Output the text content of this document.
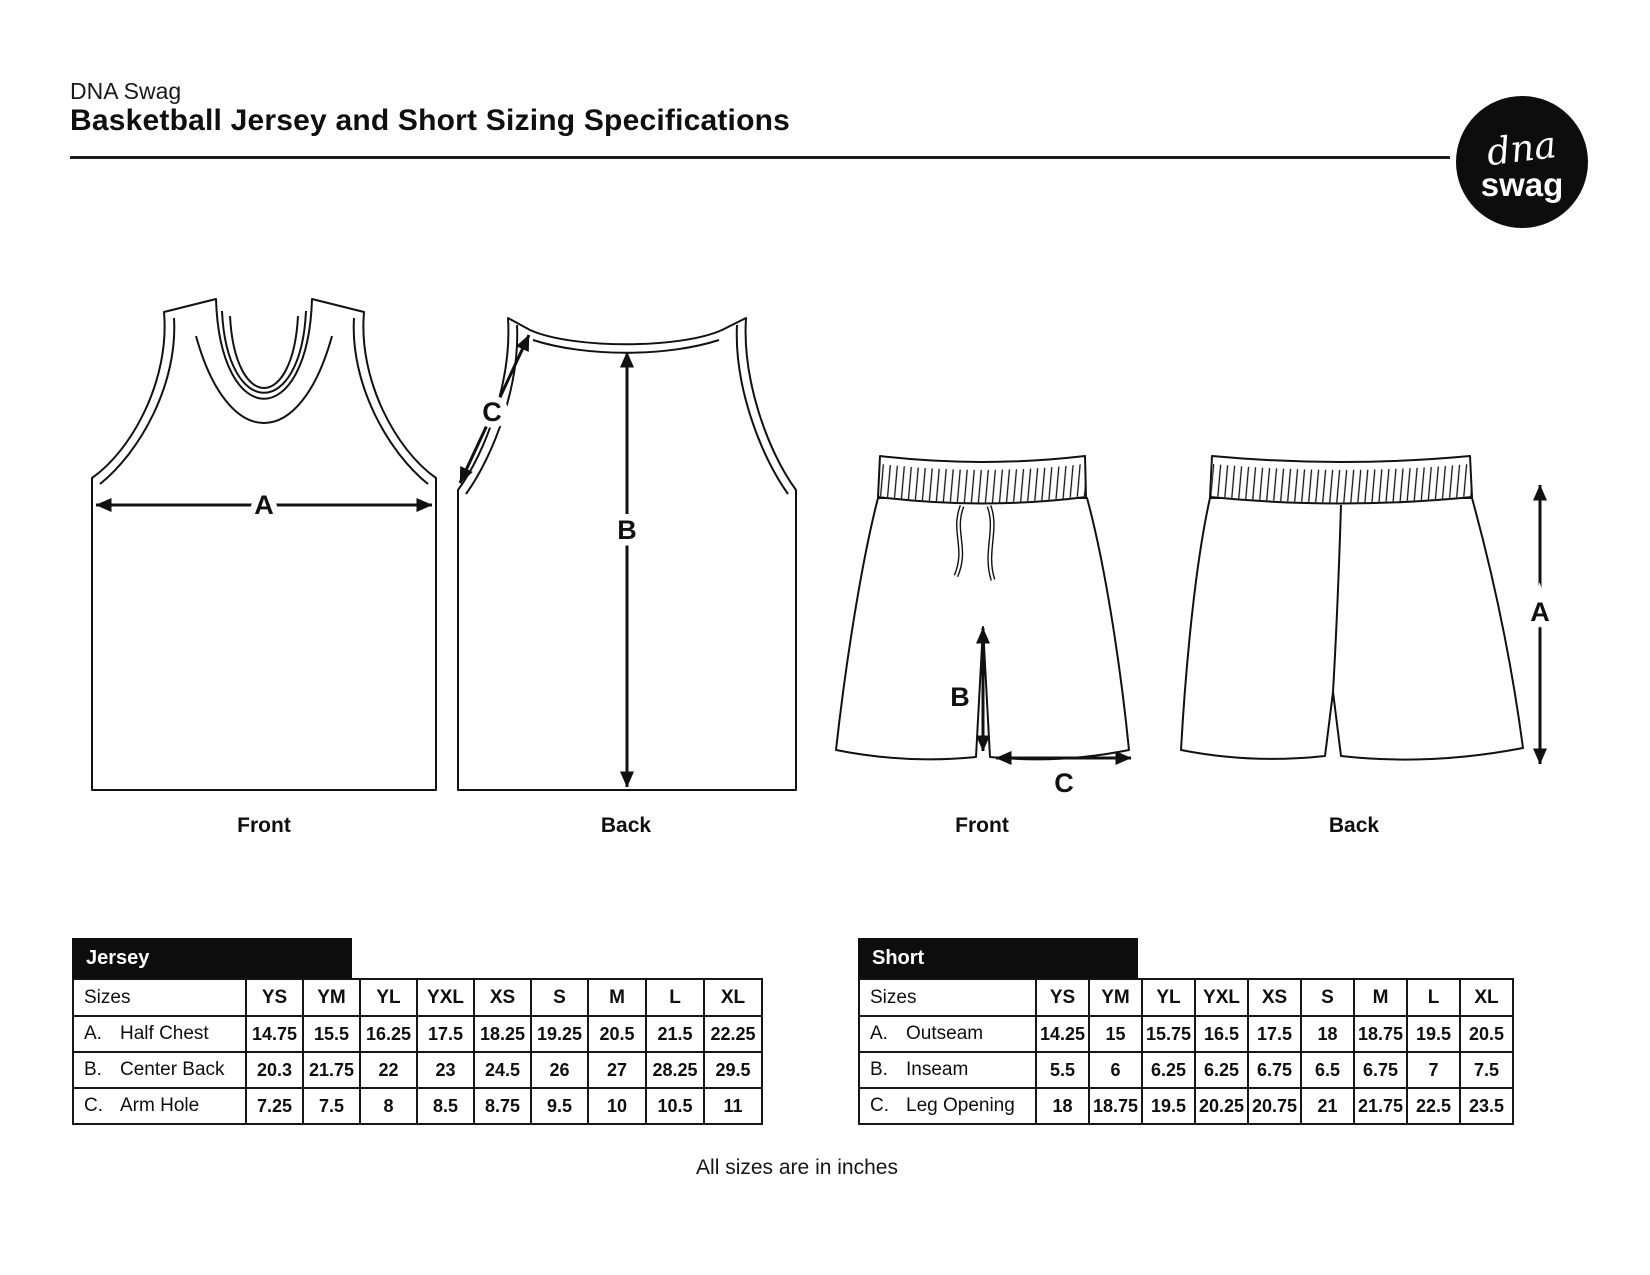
DNA Swag
Basketball Jersey and Short Sizing Specifications
dna
swag
A
B
C
B
C
A
Front	Back	Front	Back
Jersey
Sizes	YS	YM	YL	YXL	XS	S	M	L	XL
A. Half Chest	14.75	15.5	16.25	17.5	18.25	19.25	20.5	21.5	22.25
B. Center Back	20.3	21.75	22	23	24.5	26	27	28.25	29.5
C. Arm Hole	7.25	7.5	8	8.5	8.75	9.5	10	10.5	11
Short
Sizes	YS	YM	YL	YXL	XS	S	M	L	XL
A. Outseam	14.25	15	15.75	16.5	17.5	18	18.75	19.5	20.5
B. Inseam	5.5	6	6.25	6.25	6.75	6.5	6.75	7	7.5
C. Leg Opening	18	18.75	19.5	20.25	20.75	21	21.75	22.5	23.5
All sizes are in inches
